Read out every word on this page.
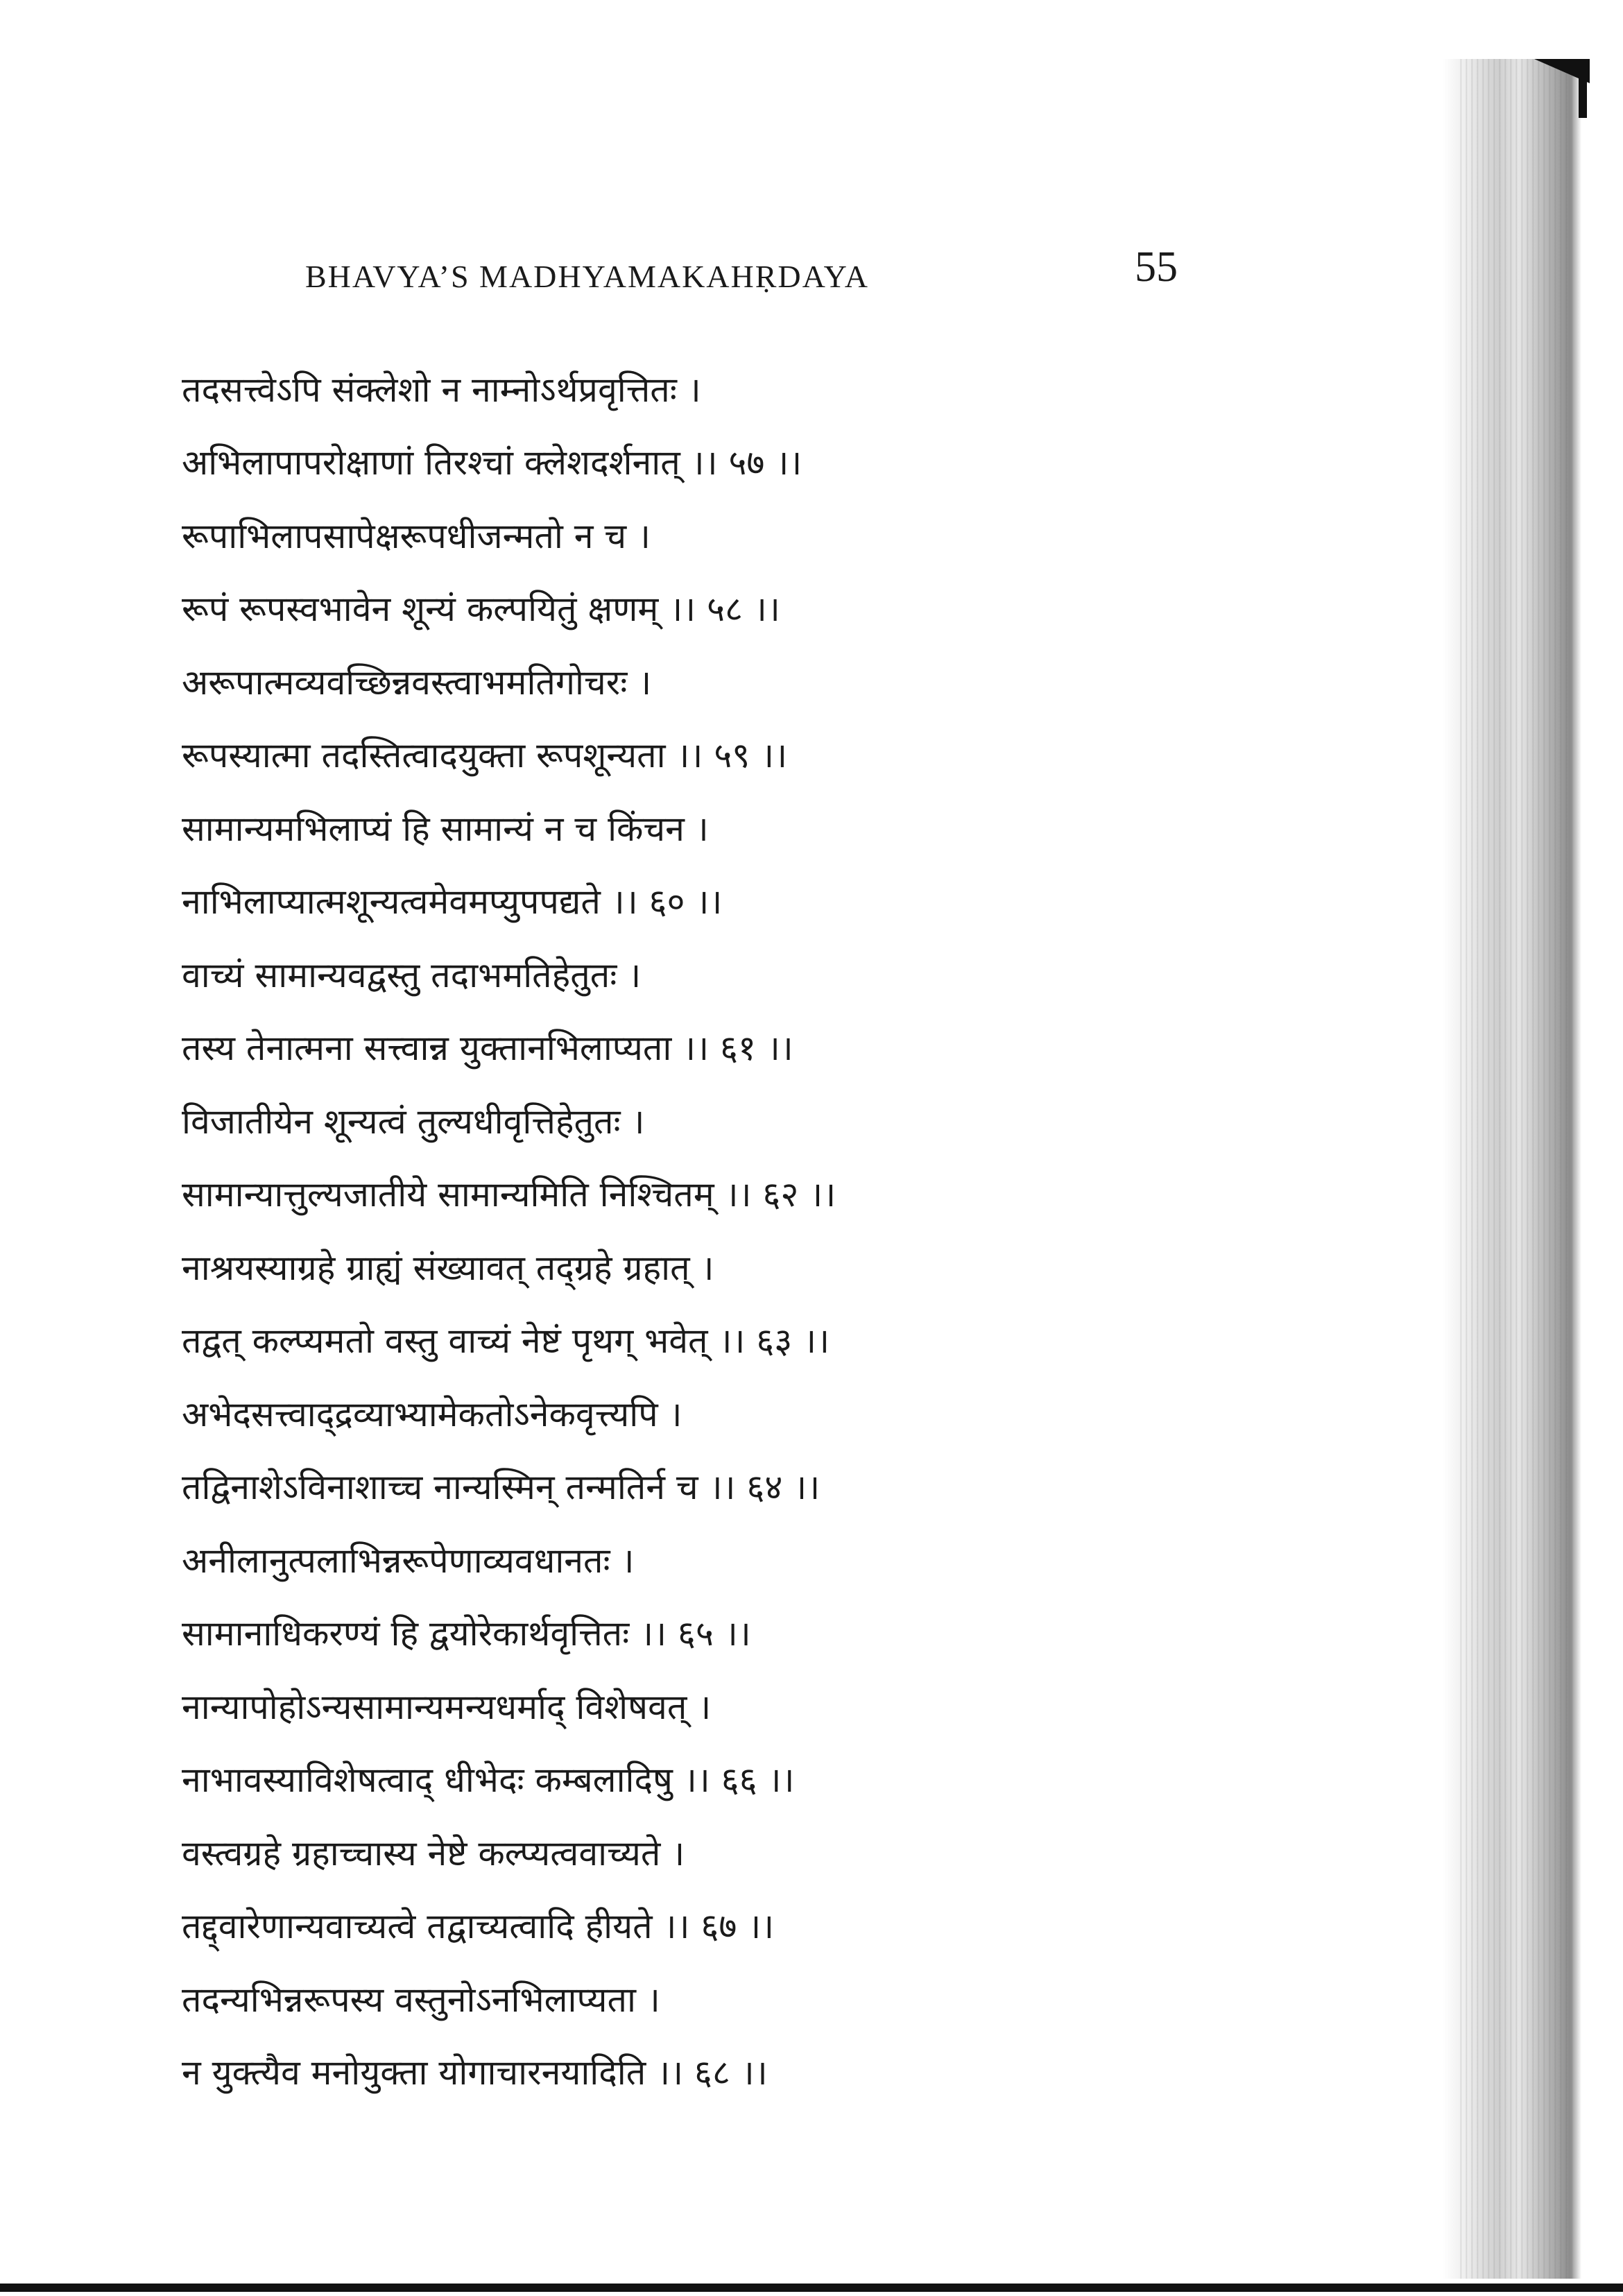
BHAVYA’S MADHYAMAKAHṚDAYA	55
तदसत्त्वेऽपि संक्लेशो न नाम्नोऽर्थप्रवृत्तितः ।
अभिलापापरोक्षाणां तिरश्चां क्लेशदर्शनात् ।। ५७ ।।
रूपाभिलापसापेक्षरूपधीजन्मतो न च ।
रूपं रूपस्वभावेन शून्यं कल्पयितुं क्षणम् ।। ५८ ।।
अरूपात्मव्यवच्छिन्नवस्त्वाभमतिगोचरः ।
रूपस्यात्मा तदस्तित्वादयुक्ता रूपशून्यता ।। ५९ ।।
सामान्यमभिलाप्यं हि सामान्यं न च किंचन ।
नाभिलाप्यात्मशून्यत्वमेवमप्युपपद्यते ।। ६० ।।
वाच्यं सामान्यवद्वस्तु तदाभमतिहेतुतः ।
तस्य तेनात्मना सत्त्वान्न युक्तानभिलाप्यता ।। ६१ ।।
विजातीयेन शून्यत्वं तुल्यधीवृत्तिहेतुतः ।
सामान्यात्तुल्यजातीये सामान्यमिति निश्चितम् ।। ६२ ।।
नाश्रयस्याग्रहे ग्राह्यं संख्यावत् तद्ग्रहे ग्रहात् ।
तद्वत् कल्प्यमतो वस्तु वाच्यं नेष्टं पृथग् भवेत् ।। ६३ ।।
अभेदसत्त्वाद्द्रव्याभ्यामेकतोऽनेकवृत्त्यपि ।
तद्विनाशेऽविनाशाच्च नान्यस्मिन् तन्मतिर्न च ।। ६४ ।।
अनीलानुत्पलाभिन्नरूपेणाव्यवधानतः ।
सामानाधिकरण्यं हि द्वयोरेकार्थवृत्तितः ।। ६५ ।।
नान्यापोहोऽन्यसामान्यमन्यधर्माद् विशेषवत् ।
नाभावस्याविशेषत्वाद् धीभेदः कम्बलादिषु ।। ६६ ।।
वस्त्वग्रहे ग्रहाच्चास्य नेष्टे कल्प्यत्ववाच्यते ।
तद्द्वारेणान्यवाच्यत्वे तद्वाच्यत्वादि हीयते ।। ६७ ।।
तदन्यभिन्नरूपस्य वस्तुनोऽनभिलाप्यता ।
न युक्त्यैव मनोयुक्ता योगाचारनयादिति ।। ६८ ।।
